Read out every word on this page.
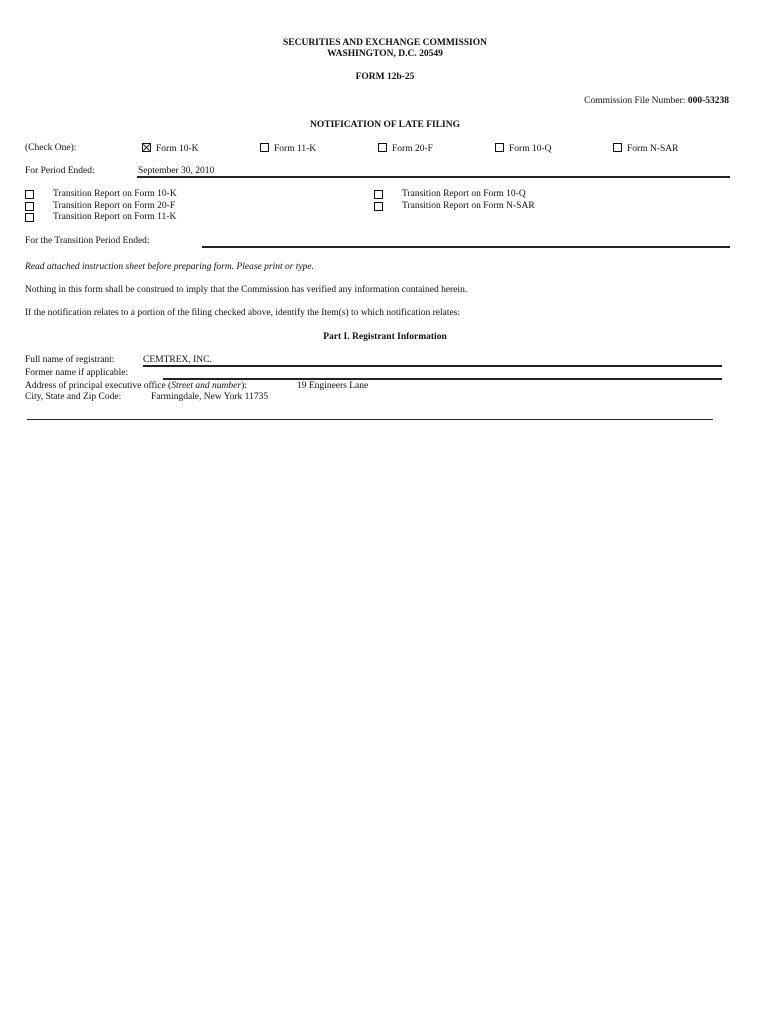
SECURITIES AND EXCHANGE COMMISSION
WASHINGTON, D.C. 20549
FORM 12b-25
Commission File Number: 000-53238
NOTIFICATION OF LATE FILING
(Check One):	Form 10-K	Form 11-K	Form 20-F	Form 10-Q	Form N-SAR
For Period Ended:	September 30, 2010
Transition Report on Form 10-K
Transition Report on Form 20-F
Transition Report on Form 11-K
Transition Report on Form 10-Q
Transition Report on Form N-SAR
For the Transition Period Ended:
Read attached instruction sheet before preparing form. Please print or type.
Nothing in this form shall be construed to imply that the Commission has verified any information contained herein.
If the notification relates to a portion of the filing checked above, identify the Item(s) to which notification relates:
Part I. Registrant Information
Full name of registrant:	CEMTREX, INC.
Former name if applicable:
Address of principal executive office (Street and number):	19 Engineers Lane
City, State and Zip Code:	Farmingdale, New York 11735
